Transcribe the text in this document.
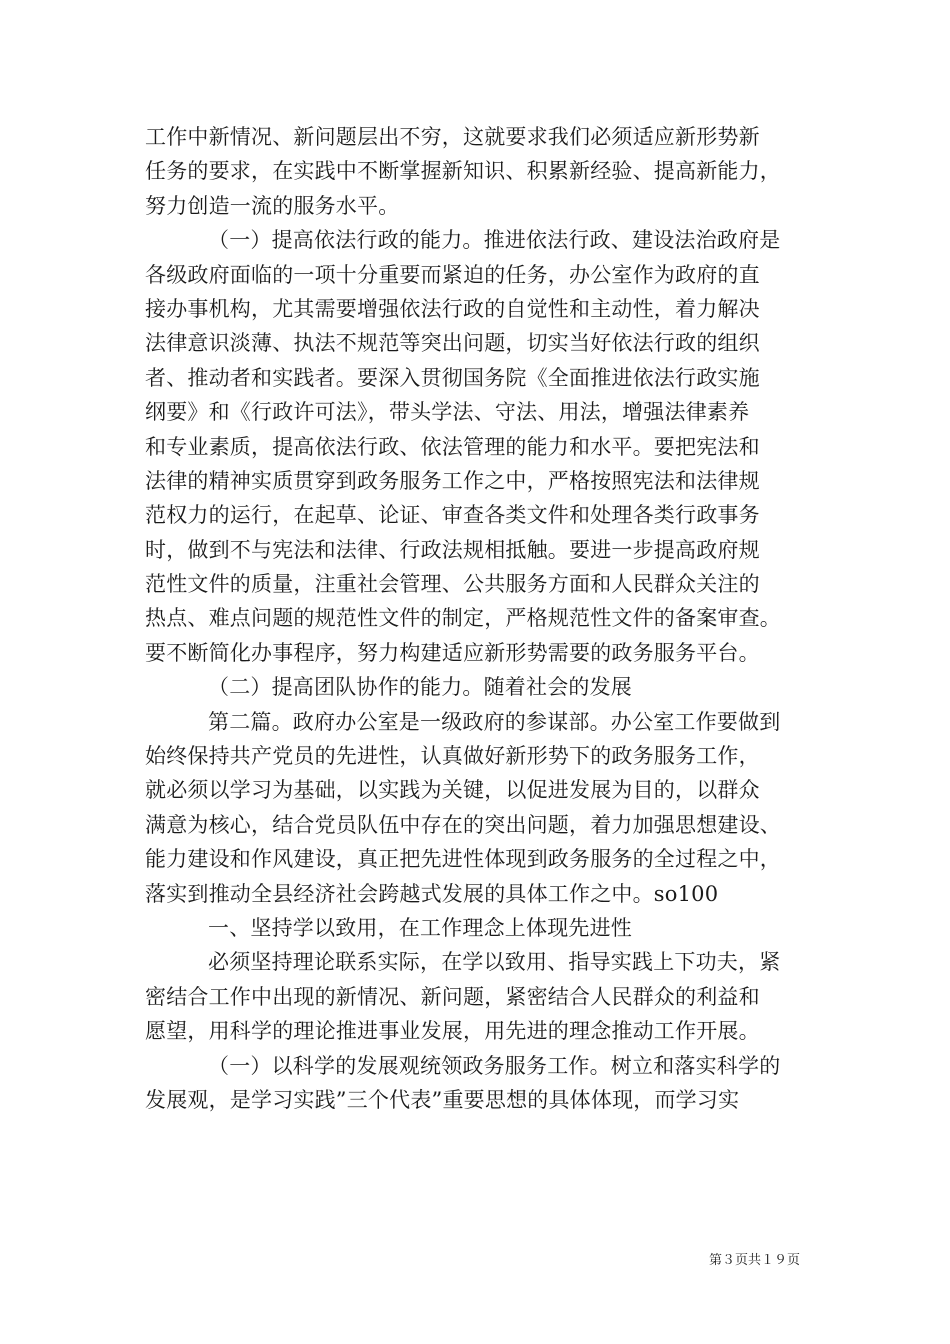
工作中新情况、新问题层出不穷，这就要求我们必须适应新形势新
任务的要求，在实践中不断掌握新知识、积累新经验、提高新能力，
努力创造一流的服务水平。
（一）提高依法行政的能力。推进依法行政、建设法治政府是
各级政府面临的一项十分重要而紧迫的任务，办公室作为政府的直
接办事机构，尤其需要增强依法行政的自觉性和主动性，着力解决
法律意识淡薄、执法不规范等突出问题，切实当好依法行政的组织
者、推动者和实践者。要深入贯彻国务院《全面推进依法行政实施
纲要》和《行政许可法》，带头学法、守法、用法，增强法律素养
和专业素质，提高依法行政、依法管理的能力和水平。要把宪法和
法律的精神实质贯穿到政务服务工作之中，严格按照宪法和法律规
范权力的运行，在起草、论证、审查各类文件和处理各类行政事务
时，做到不与宪法和法律、行政法规相抵触。要进一步提高政府规
范性文件的质量，注重社会管理、公共服务方面和人民群众关注的
热点、难点问题的规范性文件的制定，严格规范性文件的备案审查。
要不断简化办事程序，努力构建适应新形势需要的政务服务平台。
（二）提高团队协作的能力。随着社会的发展
第二篇。政府办公室是一级政府的参谋部。办公室工作要做到
始终保持共产党员的先进性，认真做好新形势下的政务服务工作，
就必须以学习为基础，以实践为关键，以促进发展为目的，以群众
满意为核心，结合党员队伍中存在的突出问题，着力加强思想建设、
能力建设和作风建设，真正把先进性体现到政务服务的全过程之中，
落实到推动全县经济社会跨越式发展的具体工作之中。so100
一、坚持学以致用，在工作理念上体现先进性
必须坚持理论联系实际，在学以致用、指导实践上下功夫，紧
密结合工作中出现的新情况、新问题，紧密结合人民群众的利益和
愿望，用科学的理论推进事业发展，用先进的理念推动工作开展。
（一）以科学的发展观统领政务服务工作。树立和落实科学的
发展观，是学习实践”三个代表”重要思想的具体体现，而学习实
第３页共１９页
